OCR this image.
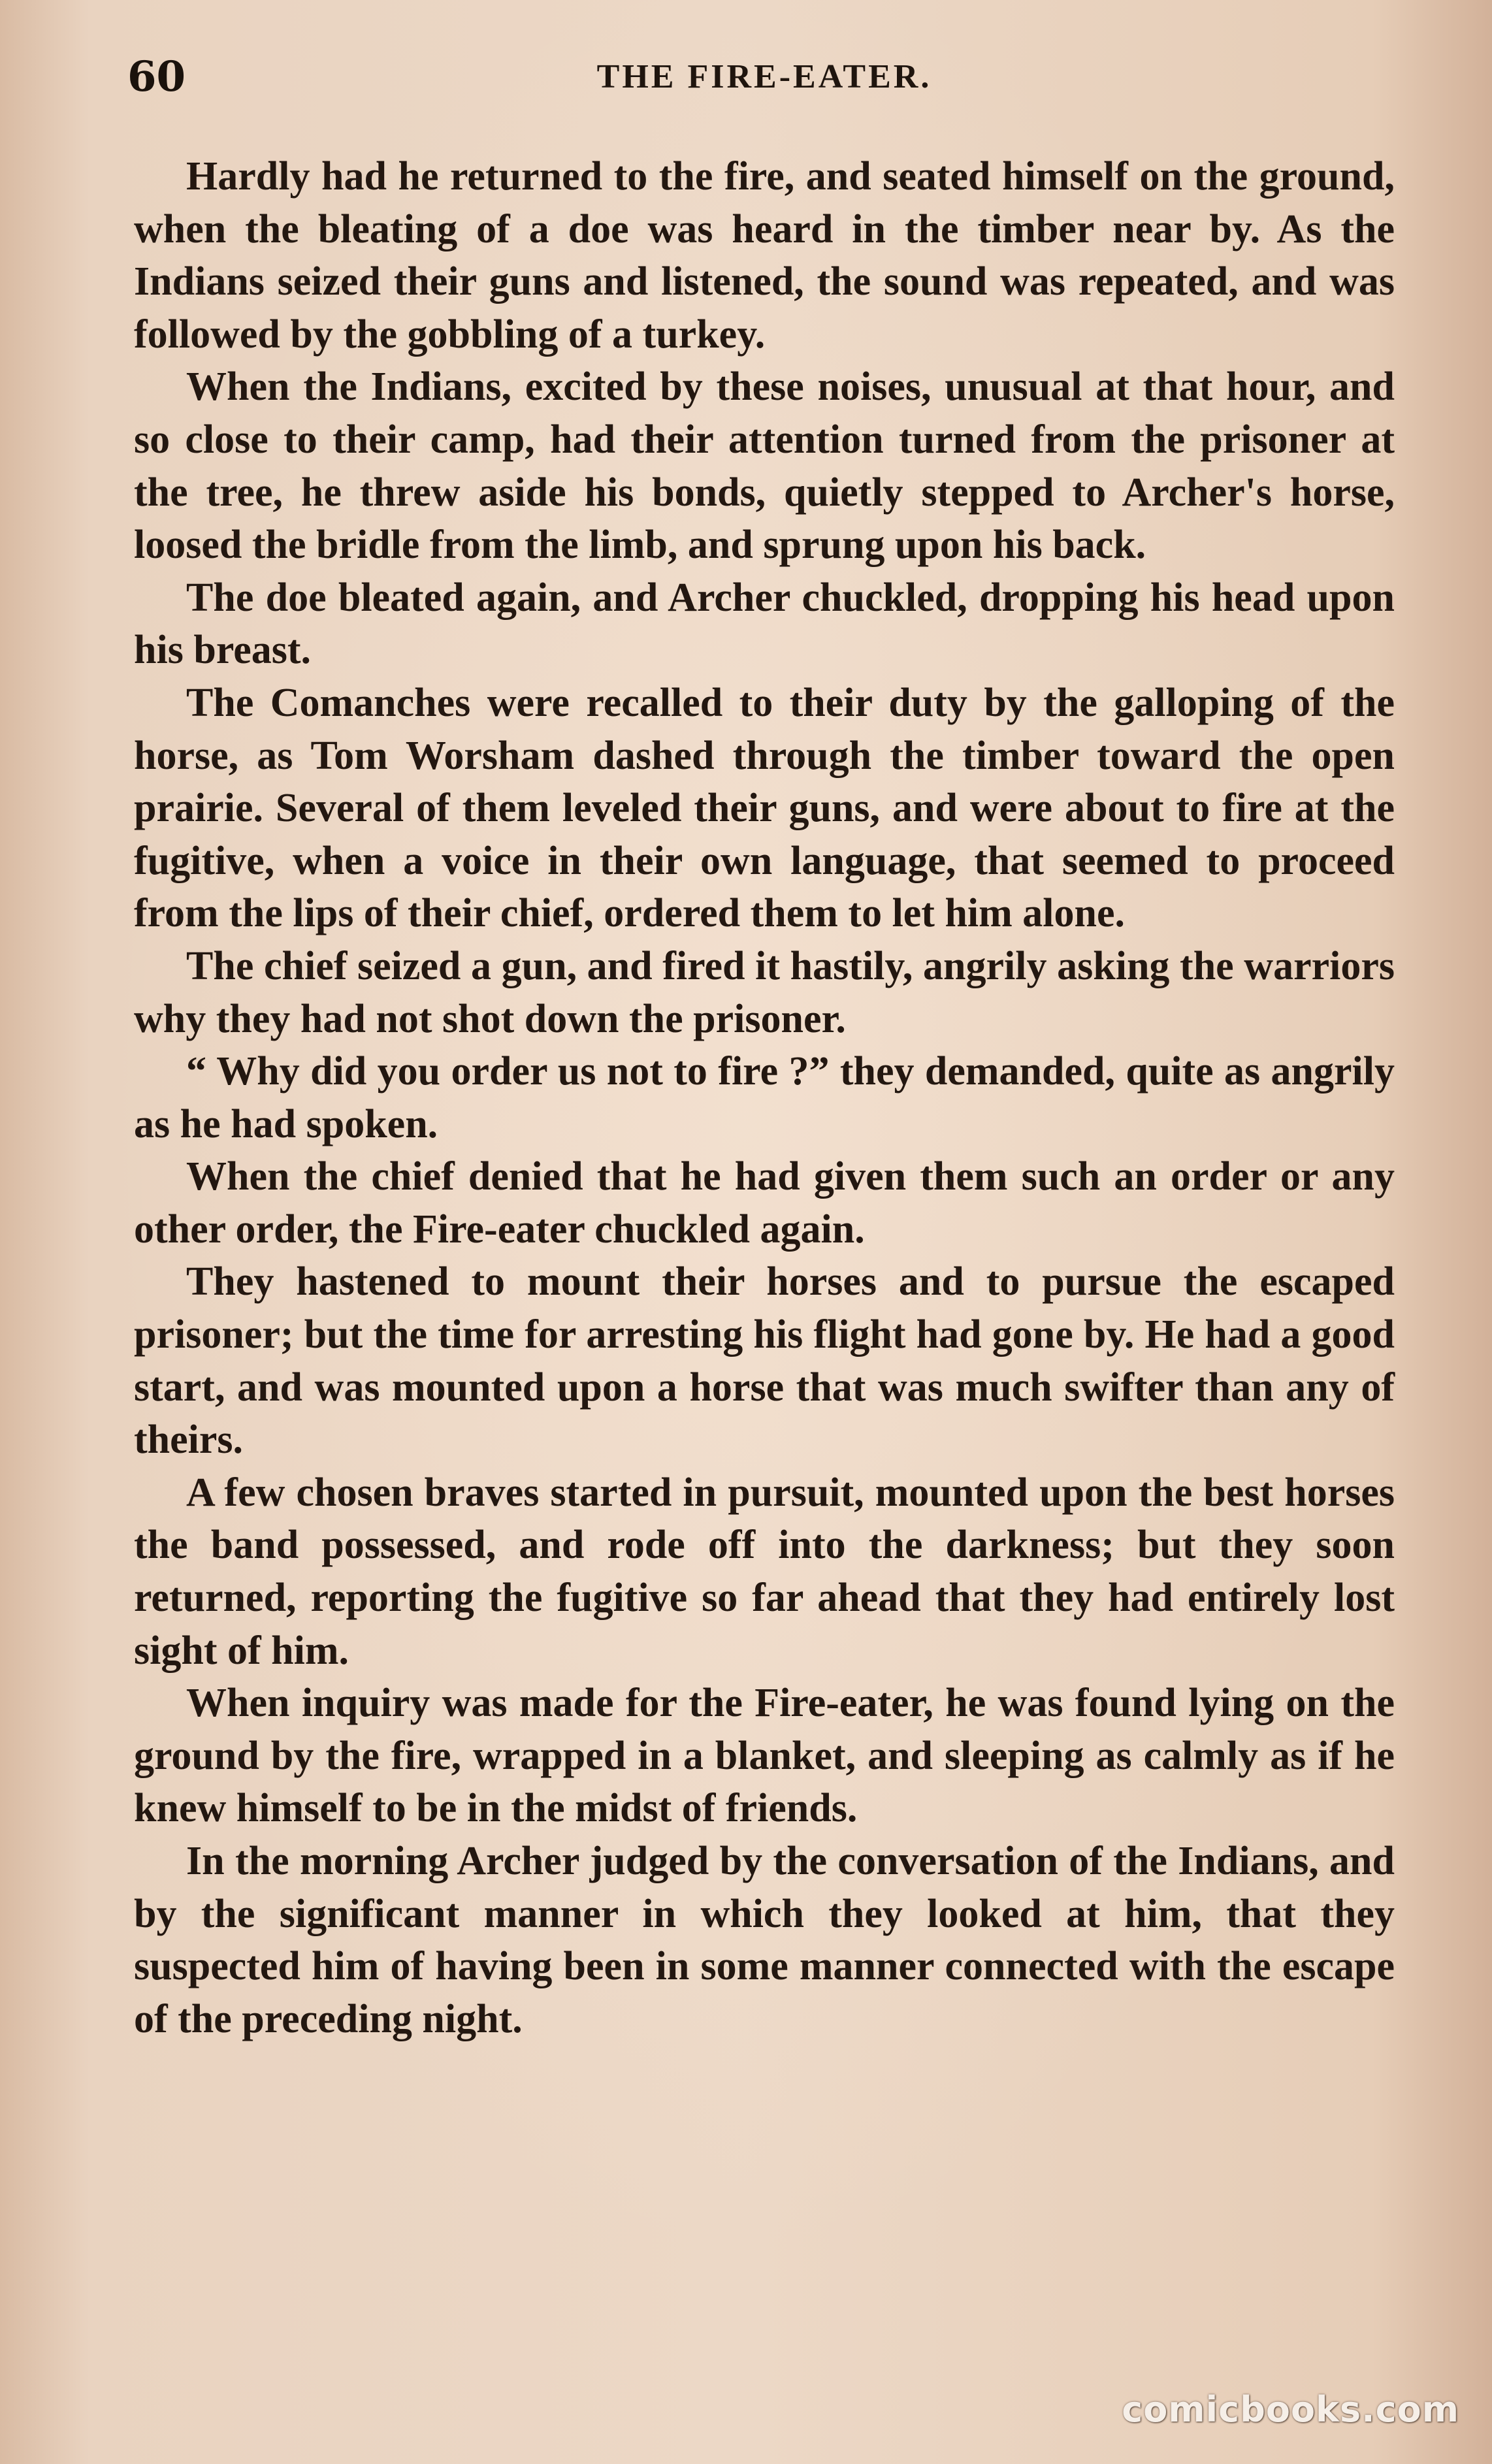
60	THE FIRE-EATER.

Hardly had he returned to the fire, and seated himself on the ground, when the bleating of a doe was heard in the timber near by. As the Indians seized their guns and listened, the sound was repeated, and was followed by the gobbling of a turkey.

When the Indians, excited by these noises, unusual at that hour, and so close to their camp, had their attention turned from the prisoner at the tree, he threw aside his bonds, quietly stepped to Archer's horse, loosed the bridle from the limb, and sprung upon his back.

The doe bleated again, and Archer chuckled, dropping his head upon his breast.

The Comanches were recalled to their duty by the galloping of the horse, as Tom Worsham dashed through the timber toward the open prairie. Several of them leveled their guns, and were about to fire at the fugitive, when a voice in their own language, that seemed to proceed from the lips of their chief, ordered them to let him alone.

The chief seized a gun, and fired it hastily, angrily asking the warriors why they had not shot down the prisoner.

“ Why did you order us not to fire ?” they demanded, quite as angrily as he had spoken.

When the chief denied that he had given them such an order or any other order, the Fire-eater chuckled again.

They hastened to mount their horses and to pursue the escaped prisoner; but the time for arresting his flight had gone by. He had a good start, and was mounted upon a horse that was much swifter than any of theirs.

A few chosen braves started in pursuit, mounted upon the best horses the band possessed, and rode off into the darkness; but they soon returned, reporting the fugitive so far ahead that they had entirely lost sight of him.

When inquiry was made for the Fire-eater, he was found lying on the ground by the fire, wrapped in a blanket, and sleeping as calmly as if he knew himself to be in the midst of friends.

In the morning Archer judged by the conversation of the Indians, and by the significant manner in which they looked at him, that they suspected him of having been in some manner connected with the escape of the preceding night.

comicbooks.com
